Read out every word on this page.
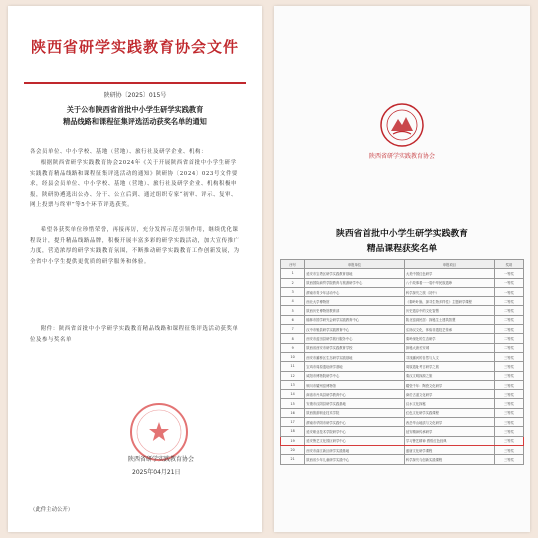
陕西省研学实践教育协会文件
陕研协〔2025〕015号
关于公布陕西省首批中小学生研学实践教育
精品线路和课程征集评选活动获奖名单的通知
各会员单位、中小学校、基地（营地）、旅行社及研学企业、机构：
根据陕西省研学实践教育协会2024年《关于开展陕西省首批中小学生研学实践教育精品线路和课程征集评选活动的通知》陕研协〔2024〕023号文件要求，经县会员单位、中小学校、基地（营地）、旅行社及研学企业、机构积极申报，陕研协遴选出公办、分干、公立后到、通过组织专家“初审、评示、复审、网上投票与终审”等5个环节评选获奖。
希望各获奖单位珍惜荣誉，再接再厉，充分发挥示范引领作用，继续优化课程设计，提升精品线路品牌，积极开展丰富多彩的研学实践活动，加大宣传推广力度，营造浓厚的研学实践教育氛围，不断推动研学实践教育工作创新发展，为全省中小学生提供更优质的研学服务和体验。
附件：陕西省首批中小学研学实践教育精品线路和课程征集评选活动获奖单位及参与奖名单
陕西省研学实践教育协会
2025年04月21日
（此件主动公开）
陕西省研学实践教育协会
陕西省首批中小学生研学实践教育
精品课程获奖名单
序号	申报单位	申报项目	奖项
1	延安市宝塔区研学实践教育基地	大美中国红色研学	一等奖
2	陕西国际商贸学院教育与旅游研学中心	八个故事看一一卷中华民族遗珍	一等奖
3	渭南市青少年活动中心	科学探究之旅（初中）	一等奖
4	西北大学博物馆	《秦岭叶脉，探寻生物多样性》主题研学课程	二等奖
5	陕西历史博物馆教育部	历史遗存中的文化智慧	二等奖
6	榆林市国学研究会研学实践教育中心	陕北窑洞民居：探秘生土建筑智慧	二等奖
7	汉中市勉县研学实践教育中心	弘扬汉文化，体验非遗技艺传承	二等奖
8	西安市蓝田县研学旅行服务中心	秦岭深处的生态研学	二等奖
9	陕西省西安市研学实践教育学校	探秘大唐长安城	二等奖
10	西安市灞桥区生态研学实践基地	寻找灞河的自然与人文	三等奖
11	宝鸡市周原遗址研学基地	周原遗址考古研学之旅	三等奖
12	咸阳市博物院研学中心	秦汉文明探源之旅	三等奖
13	铜川市耀州窑博物馆	耀瓷千年：陶瓷文化研学	三等奖
14	商洛市丹凤县研学教育中心	商於古道文化研学	三等奖
15	安康市汉阴县研学实践基地	汉水文化探秘	三等奖
16	陕西旅游职业技术学院	红色文化研学实践课程	三等奖
17	渭南市华阴市研学实践中心	西岳华山地质与文化研学	三等奖
18	延安职业技术学院研学中心	延安精神传承研学	三等奖
19	延安鲁艺文化园区研学中心	学习鲁艺精神 感悟红色经典	三等奖
20	西安市曲江新区研学实践基地	盛唐文化研学课程	三等奖
21	陕西省少年儿童研学实践中心	科学探究与创新实践课程	三等奖
